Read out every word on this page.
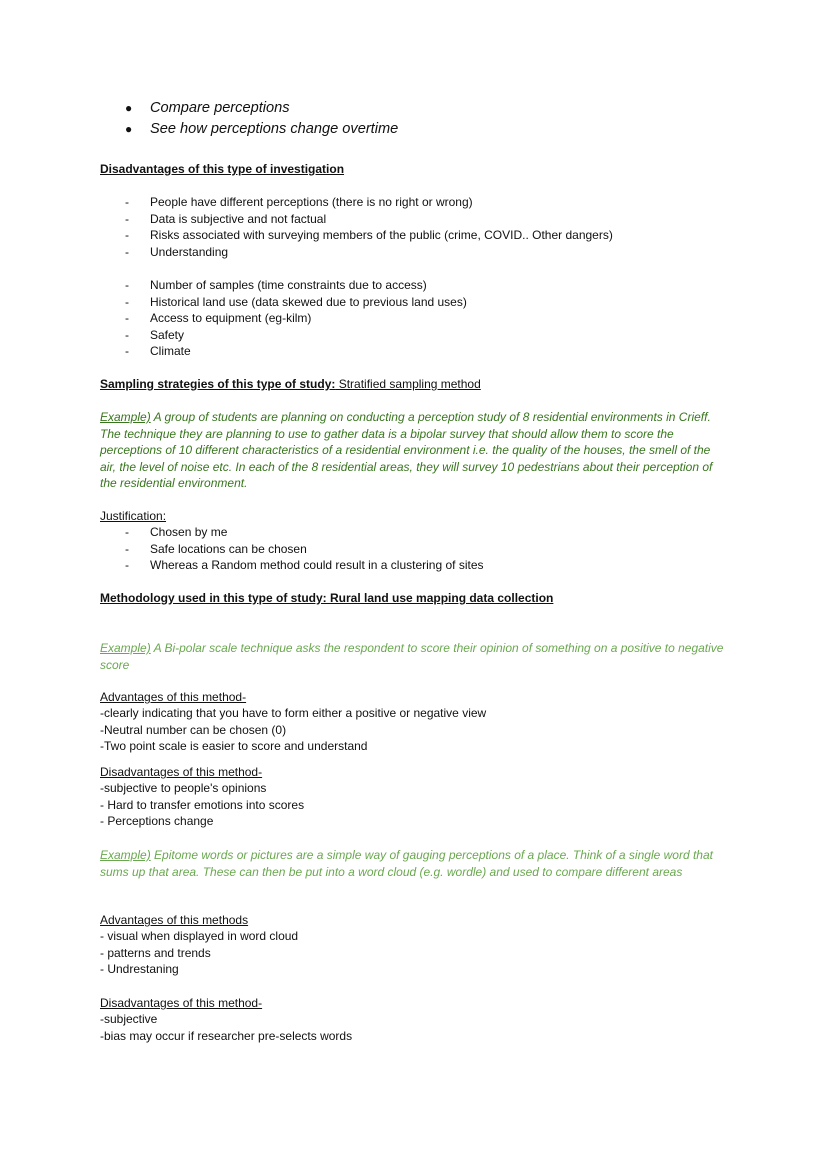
● Compare perceptions
● See how perceptions change overtime
Disadvantages of this type of investigation
- People have different perceptions (there is no right or wrong)
- Data is subjective and not factual
- Risks associated with surveying members of the public (crime, COVID.. Other dangers)
- Understanding
- Number of samples (time constraints due to access)
- Historical land use (data skewed due to previous land uses)
- Access to equipment (eg-kilm)
- Safety
- Climate
Sampling strategies of this type of study: Stratified sampling method
Example) A group of students are planning on conducting a perception study of 8 residential environments in Crieff. The technique they are planning to use to gather data is a bipolar survey that should allow them to score the perceptions of 10 different characteristics of a residential environment i.e. the quality of the houses, the smell of the air, the level of noise etc. In each of the 8 residential areas, they will survey 10 pedestrians about their perception of the residential environment.
Justification:
- Chosen by me
- Safe locations can be chosen
- Whereas a Random method could result in a clustering of sites
Methodology used in this type of study: Rural land use mapping data collection
Example) A Bi-polar scale technique asks the respondent to score their opinion of something on a positive to negative score
Advantages of this method-
-clearly indicating that you have to form either a positive or negative view
-Neutral number can be chosen (0)
-Two point scale is easier to score and understand
Disadvantages of this method-
-subjective to people's opinions
- Hard to transfer emotions into scores
- Perceptions change
Example) Epitome words or pictures are a simple way of gauging perceptions of a place. Think of a single word that sums up that area. These can then be put into a word cloud (e.g. wordle) and used to compare different areas
Advantages of this methods
- visual when displayed in word cloud
- patterns and trends
- Undrestaning
Disadvantages of this method-
-subjective
-bias may occur if researcher pre-selects words
